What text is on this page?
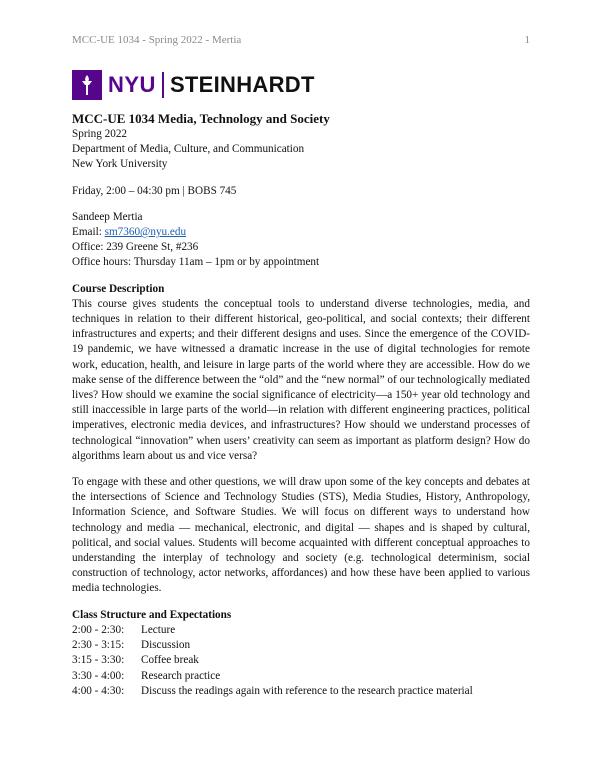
MCC-UE 1034 - Spring 2022 - Mertia	1
NYU STEINHARDT
MCC-UE 1034 Media, Technology and Society
Spring 2022
Department of Media, Culture, and Communication
New York University
Friday, 2:00 – 04:30 pm | BOBS 745
Sandeep Mertia
Email: sm7360@nyu.edu
Office: 239 Greene St, #236
Office hours: Thursday 11am – 1pm or by appointment
Course Description

This course gives students the conceptual tools to understand diverse technologies, media, and techniques in relation to their different historical, geo-political, and social contexts; their different infrastructures and experts; and their different designs and uses. Since the emergence of the COVID-19 pandemic, we have witnessed a dramatic increase in the use of digital technologies for remote work, education, health, and leisure in large parts of the world where they are accessible. How do we make sense of the difference between the “old” and the “new normal” of our technologically mediated lives? How should we examine the social significance of electricity—a 150+ year old technology and still inaccessible in large parts of the world—in relation with different engineering practices, political imperatives, electronic media devices, and infrastructures? How should we understand processes of technological “innovation” when users’ creativity can seem as important as platform design? How do algorithms learn about us and vice versa?

To engage with these and other questions, we will draw upon some of the key concepts and debates at the intersections of Science and Technology Studies (STS), Media Studies, History, Anthropology, Information Science, and Software Studies. We will focus on different ways to understand how technology and media — mechanical, electronic, and digital — shapes and is shaped by cultural, political, and social values. Students will become acquainted with different conceptual approaches to understanding the interplay of technology and society (e.g. technological determinism, social construction of technology, actor networks, affordances) and how these have been applied to various media technologies.

Class Structure and Expectations
2:00 - 2:30:	Lecture
2:30 - 3:15:	Discussion
3:15 - 3:30:	Coffee break
3:30 - 4:00:	Research practice
4:00 - 4:30:	Discuss the readings again with reference to the research practice material
